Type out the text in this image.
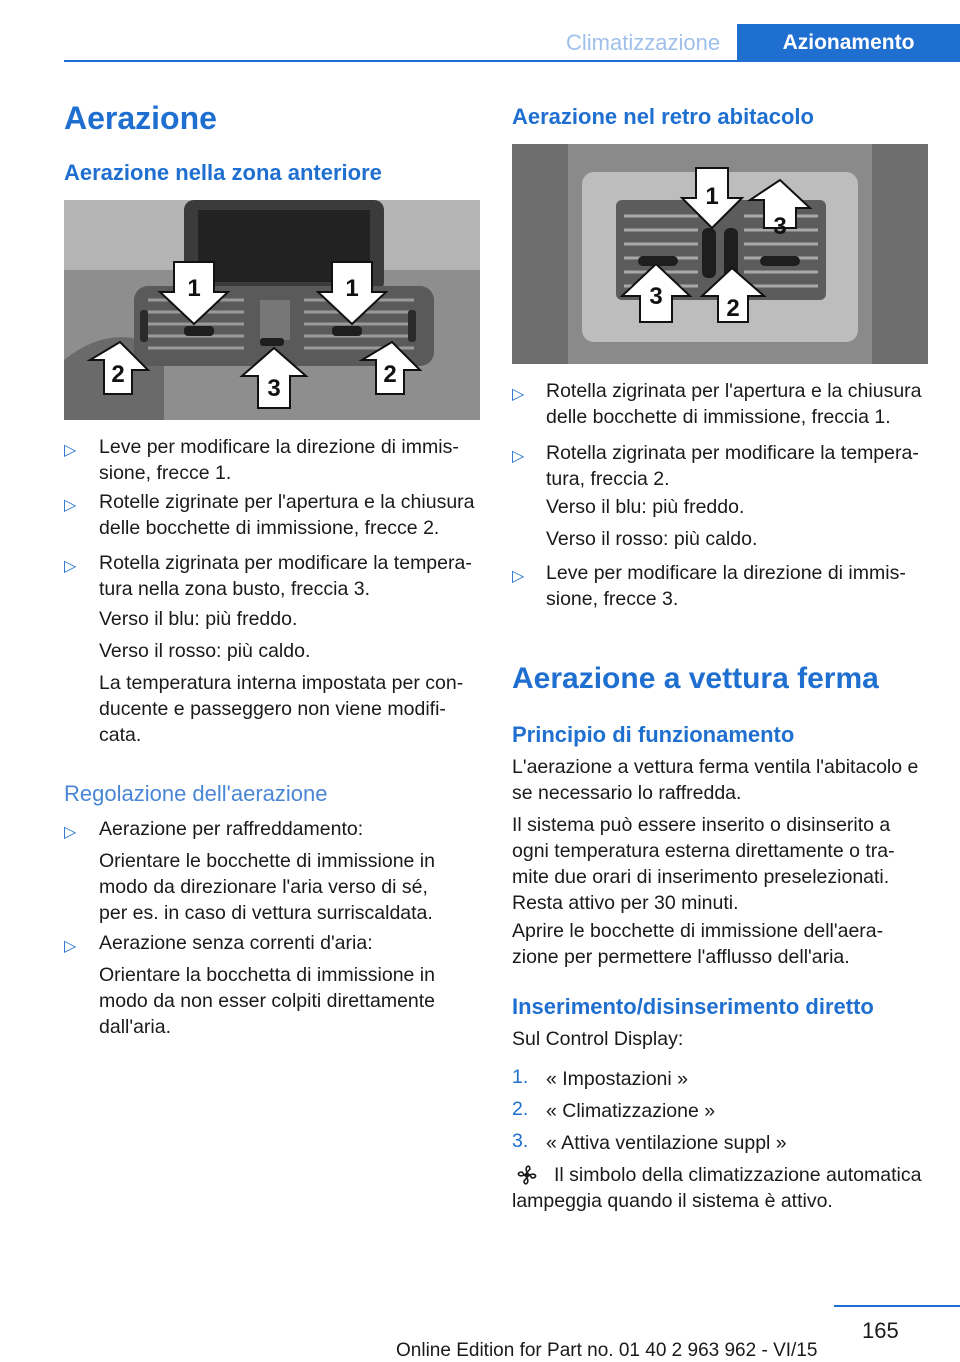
Climatizzazione	Azionamento
Aerazione
Aerazione nella zona anteriore
1	1
2	2
3
▷ Leve per modificare la direzione di immis-
sione, frecce 1.
▷ Rotelle zigrinate per l'apertura e la chiusura
delle bocchette di immissione, frecce 2.
▷ Rotella zigrinata per modificare la tempera-
tura nella zona busto, freccia 3.
Verso il blu: più freddo.
Verso il rosso: più caldo.
La temperatura interna impostata per con-
ducente e passeggero non viene modifi-
cata.
Regolazione dell'aerazione
▷ Aerazione per raffreddamento:
Orientare le bocchette di immissione in
modo da direzionare l'aria verso di sé,
per es. in caso di vettura surriscaldata.
▷ Aerazione senza correnti d'aria:
Orientare la bocchetta di immissione in
modo da non esser colpiti direttamente
dall'aria.
Aerazione nel retro abitacolo
1
2
3
3
▷ Rotella zigrinata per l'apertura e la chiusura
delle bocchette di immissione, freccia 1.
▷ Rotella zigrinata per modificare la tempera-
tura, freccia 2.
Verso il blu: più freddo.
Verso il rosso: più caldo.
▷ Leve per modificare la direzione di immis-
sione, frecce 3.
Aerazione a vettura ferma
Principio di funzionamento
L'aerazione a vettura ferma ventila l'abitacolo e
se necessario lo raffredda.
Il sistema può essere inserito o disinserito a
ogni temperatura esterna direttamente o tra-
mite due orari di inserimento preselezionati.
Resta attivo per 30 minuti.
Aprire le bocchette di immissione dell'aera-
zione per permettere l'afflusso dell'aria.
Inserimento/disinserimento diretto
Sul Control Display:
1. « Impostazioni »
2. « Climatizzazione »
3. « Attiva ventilazione suppl »
Il simbolo della climatizzazione automatica
lampeggia quando il sistema è attivo.
165
Online Edition for Part no. 01 40 2 963 962 - VI/15
